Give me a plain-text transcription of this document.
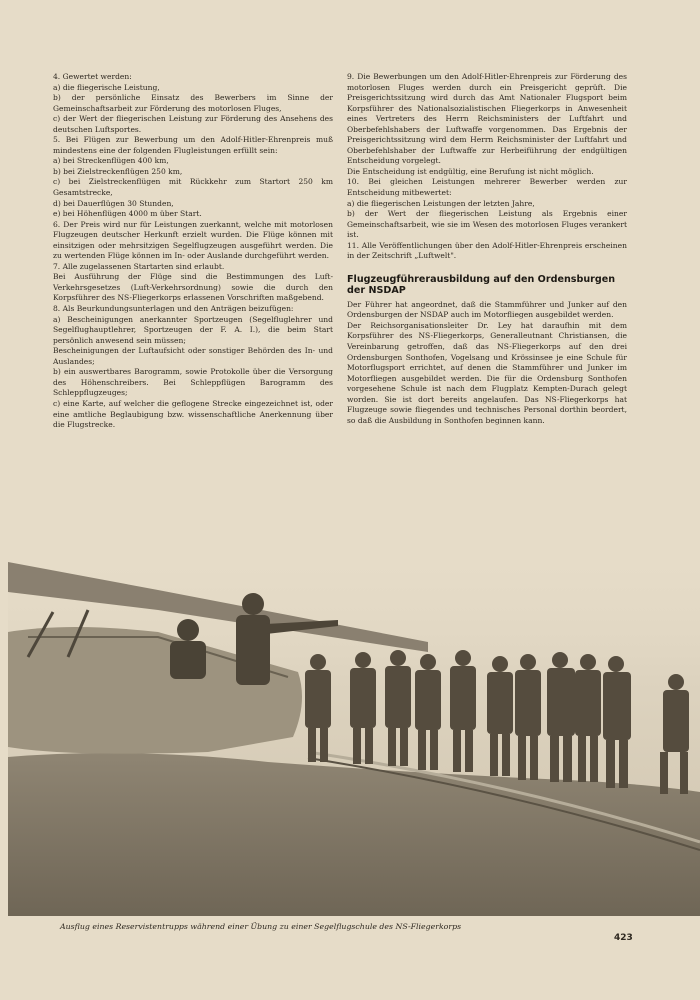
4. Gewertet werden:

a) die fliegerische Leistung,

b) der persönliche Einsatz des Bewerbers im Sinne der Gemeinschaftsarbeit zur Förderung des motorlosen Fluges,

c) der Wert der fliegerischen Leistung zur Förderung des Ansehens des deutschen Luftsportes.

5. Bei Flügen zur Bewerbung um den Adolf-Hitler-Ehrenpreis muß mindestens eine der folgenden Flugleistungen erfüllt sein:

a) bei Streckenflügen 400 km,

b) bei Zielstreckenflügen 250 km,

c) bei Zielstreckenflügen mit Rückkehr zum Startort 250 km Gesamtstrecke,

d) bei Dauerflügen 30 Stunden,

e) bei Höhenflügen 4000 m über Start.

6. Der Preis wird nur für Leistungen zuerkannt, welche mit motorlosen Flugzeugen deutscher Herkunft erzielt wurden. Die Flüge können mit einsitzigen oder mehrsitzigen Segelflugzeugen ausgeführt werden. Die zu wertenden Flüge können im In- oder Auslande durchgeführt werden.

7. Alle zugelassenen Startarten sind erlaubt.

Bei Ausführung der Flüge sind die Bestimmungen des Luft-Verkehrsgesetzes (Luft-Verkehrsordnung) sowie die durch den Korpsführer des NS-Fliegerkorps erlassenen Vorschriften maßgebend.

8. Als Beurkundungsunterlagen und den Anträgen beizufügen:

a) Bescheinigungen anerkannter Sportzeugen (Segelfluglehrer und Segelflughauptlehrer, Sportzeugen der F. A. I.), die beim Start persönlich anwesend sein müssen;

Bescheinigungen der Luftaufsicht oder sonstiger Behörden des In- und Auslandes;

b) ein auswertbares Barogramm, sowie Protokolle über die Versorgung des Höhenschreibers. Bei Schleppflügen Barogramm des Schleppflugzeuges;

c) eine Karte, auf welcher die geflogene Strecke eingezeichnet ist, oder eine amtliche Beglaubigung bzw. wissenschaftliche Anerkennung über die Flugstrecke.

9. Die Bewerbungen um den Adolf-Hitler-Ehrenpreis zur Förderung des motorlosen Fluges werden durch ein Preisgericht geprüft. Die Preisgerichtssitzung wird durch das Amt Nationaler Flugsport beim Korpsführer des Nationalsozialistischen Fliegerkorps in Anwesenheit eines Vertreters des Herrn Reichsministers der Luftfahrt und Oberbefehlshabers der Luftwaffe vorgenommen. Das Ergebnis der Preisgerichtssitzung wird dem Herrn Reichsminister der Luftfahrt und Oberbefehlshaber der Luftwaffe zur Herbeiführung der endgültigen Entscheidung vorgelegt.

Die Entscheidung ist endgültig, eine Berufung ist nicht möglich.

10. Bei gleichen Leistungen mehrerer Bewerber werden zur Entscheidung mitbewertet:

a) die fliegerischen Leistungen der letzten Jahre,

b) der Wert der fliegerischen Leistung als Ergebnis einer Gemeinschaftsarbeit, wie sie im Wesen des motorlosen Fluges verankert ist.

11. Alle Veröffentlichungen über den Adolf-Hitler-Ehrenpreis erscheinen in der Zeitschrift „Luftwelt".

Flugzeugführerausbildung auf den Ordensburgen der NSDAP

Der Führer hat angeordnet, daß die Stammführer und Junker auf den Ordensburgen der NSDAP auch im Motorfliegen ausgebildet werden.

Der Reichsorganisationsleiter Dr. Ley hat daraufhin mit dem Korpsführer des NS-Fliegerkorps, Generalleutnant Christiansen, die Vereinbarung getroffen, daß das NS-Fliegerkorps auf den drei Ordensburgen Sonthofen, Vogelsang und Krössinsee je eine Schule für Motorflugsport errichtet, auf denen die Stammführer und Junker im Motorfliegen ausgebildet werden. Die für die Ordensburg Sonthofen vorgesehene Schule ist nach dem Flugplatz Kempten-Durach gelegt worden. Sie ist dort bereits angelaufen. Das NS-Fliegerkorps hat Flugzeuge sowie fliegendes und technisches Personal dorthin beordert, so daß die Ausbildung in Sonthofen beginnen kann.

Ausflug eines Reservistentrupps während einer Übung zu einer Segelflugschule des NS-Fliegerkorps
423
